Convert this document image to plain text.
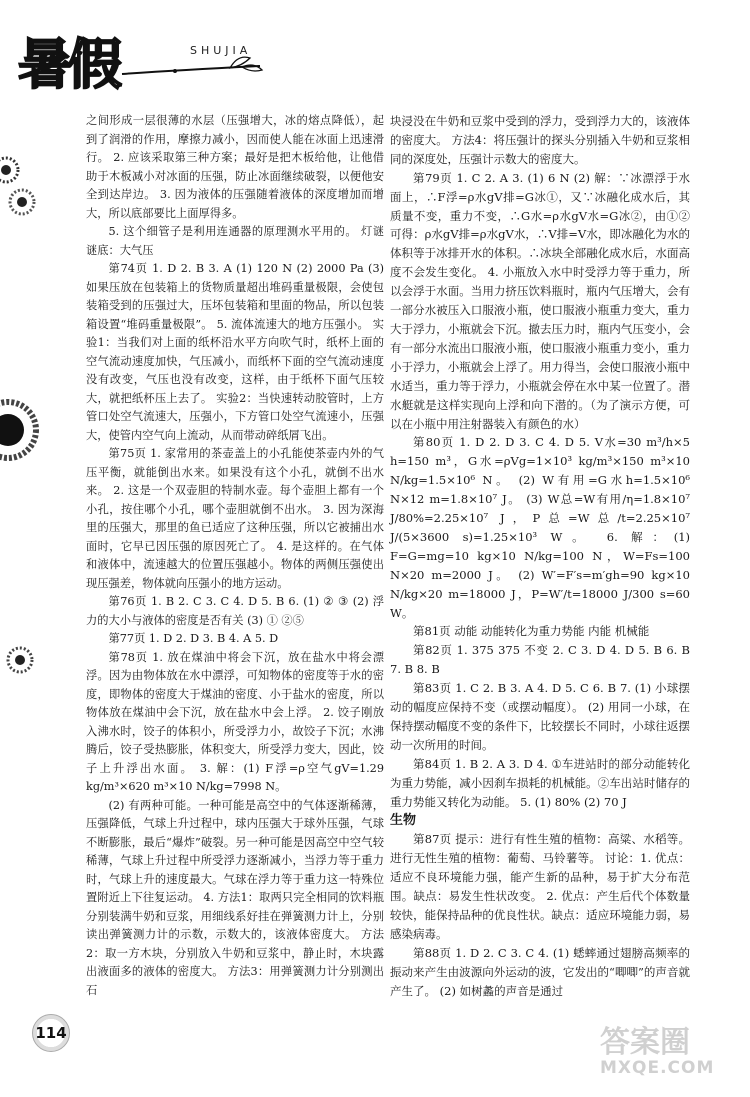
暑假	SHUJIA

之间形成一层很薄的水层（压强增大，冰的熔点降低），起到了润滑的作用，摩擦力减小，因而使人能在冰面上迅速滑行。 2. 应该采取第三种方案；最好是把木板给他，让他借助于木板减小对冰面的压强，防止冰面继续破裂，以便他安全到达岸边。 3. 因为液体的压强随着液体的深度增加而增大，所以底部要比上面厚得多。

5. 这个细管子是利用连通器的原理测水平用的。 灯谜谜底：大气压

第74页 1. D 2. B 3. A (1) 120 N (2) 2000 Pa (3) 如果压放在包装箱上的货物质量超出堆码重量极限，会使包装箱受到的压强过大，压坏包装箱和里面的物品，所以包装箱设置“堆码重量极限”。 5. 流体流速大的地方压强小。 实验1：当我们对上面的纸杯沿水平方向吹气时，纸杯上面的空气流动速度加快，气压减小，而纸杯下面的空气流动速度没有改变，气压也没有改变，这样，由于纸杯下面气压较大，就把纸杯压上去了。 实验2：当快速转动胶管时，上方管口处空气流速大，压强小，下方管口处空气流速小，压强大，使管内空气向上流动，从而带动碎纸屑飞出。

第75页 1. 家常用的茶壶盖上的小孔能使茶壶内外的气压平衡，就能倒出水来。如果没有这个小孔，就倒不出水来。 2. 这是一个双壶胆的特制水壶。每个壶胆上都有一个小孔，按住哪个小孔，哪个壶胆就倒不出水。 3. 因为深海里的压强大，那里的鱼已适应了这种压强，所以它被捕出水面时，它早已因压强的原因死亡了。 4. 是这样的。在气体和液体中，流速越大的位置压强越小。物体的两侧压强使出现压强差，物体就向压强小的地方运动。

第76页 1. B 2. C 3. C 4. D 5. B 6. (1) ② ③ (2) 浮力的大小与液体的密度是否有关 (3) ① ②⑤

第77页 1. D 2. D 3. B 4. A 5. D

第78页 1. 放在煤油中将会下沉，放在盐水中将会漂浮。因为由物体放在水中漂浮，可知物体的密度等于水的密度，即物体的密度大于煤油的密度、小于盐水的密度，所以物体放在煤油中会下沉，放在盐水中会上浮。 2. 饺子刚放入沸水时，饺子的体积小，所受浮力小，故饺子下沉；水沸腾后，饺子受热膨胀，体积变大，所受浮力变大，因此，饺子上升浮出水面。 3. 解：(1) F浮=ρ空气gV=1.29 kg/m³×620 m³×10 N/kg=7998 N。

(2) 有两种可能。一种可能是高空中的气体逐渐稀薄，压强降低，气球上升过程中，球内压强大于球外压强，气球不断膨胀，最后“爆炸”破裂。另一种可能是因高空中空气较稀薄，气球上升过程中所受浮力逐渐减小，当浮力等于重力时，气球上升的速度最大。气球在浮力等于重力这一特殊位置附近上下往复运动。 4. 方法1：取两只完全相同的饮料瓶分别装满牛奶和豆浆，用细线系好挂在弹簧测力计上，分别读出弹簧测力计的示数，示数大的，该液体密度大。 方法2：取一方木块，分别放入牛奶和豆浆中，静止时，木块露出液面多的液体的密度大。 方法3：用弹簧测力计分别测出石

块浸没在牛奶和豆浆中受到的浮力，受到浮力大的，该液体的密度大。 方法4：将压强计的探头分别插入牛奶和豆浆相同的深度处，压强计示数大的密度大。

第79页 1. C 2. A 3. (1) 6 N (2) 解：∵冰漂浮于水面上，∴F浮=ρ水gV排=G冰①，又∵冰融化成水后，其质量不变，重力不变，∴G水=ρ水gV水=G冰②，由①②可得：ρ水gV排=ρ水gV水，∴V排=V水，即冰融化为水的体积等于冰排开水的体积。∴冰块全部融化成水后，水面高度不会发生变化。 4. 小瓶放入水中时受浮力等于重力，所以会浮于水面。当用力挤压饮料瓶时，瓶内气压增大，会有一部分水被压入口服液小瓶，使口服液小瓶重力变大，重力大于浮力，小瓶就会下沉。撤去压力时，瓶内气压变小，会有一部分水流出口服液小瓶，使口服液小瓶重力变小，重力小于浮力，小瓶就会上浮了。用力得当，会使口服液小瓶中水适当，重力等于浮力，小瓶就会停在水中某一位置了。潜水艇就是这样实现向上浮和向下潜的。（为了演示方便，可以在小瓶中用注射器装入有颜色的水）

第80页 1. D 2. D 3. C 4. D 5. V水=30 m³/h×5 h=150 m³，G水=ρVg=1×10³ kg/m³×150 m³×10 N/kg=1.5×10⁶ N。 (2) W有用=G水h=1.5×10⁶ N×12 m=1.8×10⁷ J。 (3) W总=W有用/η=1.8×10⁷ J/80%=2.25×10⁷ J，P总=W总/t=2.25×10⁷ J/(5×3600 s)=1.25×10³ W。 6. 解：(1) F=G=mg=10 kg×10 N/kg=100 N，W=Fs=100 N×20 m=2000 J。 (2) W′=F′s=m′gh=90 kg×10 N/kg×20 m=18000 J，P=W′/t=18000 J/300 s=60 W。

第81页 动能 动能转化为重力势能 内能 机械能

第82页 1. 375 375 不变 2. C 3. D 4. D 5. B 6. B 7. B 8. B

第83页 1. C 2. B 3. A 4. D 5. C 6. B 7. (1) 小球摆动的幅度应保持不变（或摆动幅度）。 (2) 用同一小球，在保持摆动幅度不变的条件下，比较摆长不同时，小球往返摆动一次所用的时间。

第84页 1. B 2. A 3. D 4. ①车进站时的部分动能转化为重力势能，减小因刹车损耗的机械能。②车出站时储存的重力势能又转化为动能。 5. (1) 80% (2) 70 J

生物

第87页 提示：进行有性生殖的植物：高粱、水稻等。 进行无性生殖的植物：葡萄、马铃薯等。 讨论：1. 优点：适应不良环境能力强，能产生新的品种，易于扩大分布范围。缺点：易发生性状改变。 2. 优点：产生后代个体数量较快，能保持品种的优良性状。缺点：适应环境能力弱，易感染病毒。

第88页 1. D 2. C 3. C 4. (1) 蟋蟀通过翅膀高频率的振动来产生由波源向外运动的波，它发出的“唧唧”的声音就产生了。 (2) 如树蠡的声音是通过

114	答案圈
MXQE.COM
